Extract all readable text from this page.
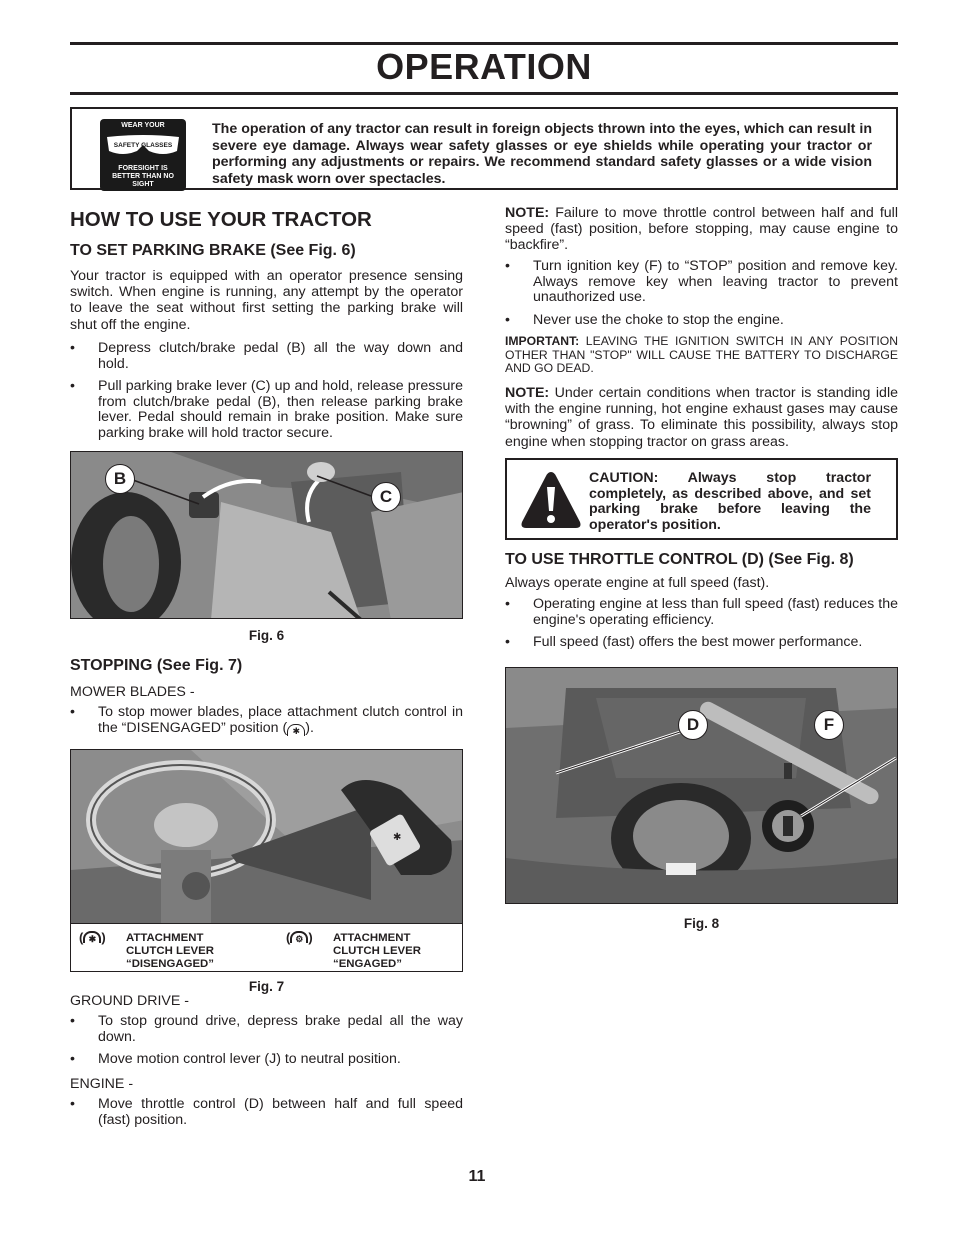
OPERATION
WEAR YOUR
SAFETY GLASSES
FORESIGHT IS BETTER THAN NO SIGHT
The operation of any tractor can result in foreign objects thrown into the eyes, which can result in severe eye damage. Always wear safety glasses or eye shields while operating your tractor or performing any adjustments or repairs. We recommend standard safety glasses or a wide vision safety mask worn over spectacles.
HOW TO USE YOUR TRACTOR
TO SET PARKING BRAKE (See Fig. 6)
Your tractor is equipped with an operator presence sensing switch. When engine is running, any attempt by the operator to leave the seat without first setting the parking brake will shut off the engine.
• Depress clutch/brake pedal (B) all the way down and hold.
• Pull parking brake lever (C) up and hold, release pressure from clutch/brake pedal (B), then release parking brake lever. Pedal should remain in brake position. Make sure parking brake will hold tractor secure.
B
C
Fig. 6
STOPPING (See Fig. 7)
MOWER BLADES -
• To stop mower blades, place attachment clutch control in the “DISENGAGED” position ( ✱ ).
✱
( ✱ ) ATTACHMENT CLUTCH LEVER “DISENGAGED”
( ⚙ ) ATTACHMENT CLUTCH LEVER “ENGAGED”
Fig. 7
GROUND DRIVE -
• To stop ground drive, depress brake pedal all the way down.
• Move motion control lever (J) to neutral position.
ENGINE -
• Move throttle control (D) between half and full speed (fast) position.
NOTE: Failure to move throttle control between half and full speed (fast) position, before stopping, may cause engine to “backfire”.
• Turn ignition key (F) to “STOP” position and remove key. Always remove key when leaving tractor to prevent unauthorized use.
• Never use the choke to stop the engine.
IMPORTANT: LEAVING THE IGNITION SWITCH IN ANY POSITION OTHER THAN "STOP" WILL CAUSE THE BATTERY TO DISCHARGE AND GO DEAD.
NOTE: Under certain conditions when tractor is standing idle with the engine running, hot engine exhaust gases may cause “browning” of grass. To eliminate this possibility, always stop engine when stopping tractor on grass areas.
CAUTION: Always stop tractor completely, as described above, and set parking brake before leaving the operator's position.
TO USE THROTTLE CONTROL (D) (See Fig. 8)
Always operate engine at full speed (fast).
• Operating engine at less than full speed (fast) reduces the engine's operating efficiency.
• Full speed (fast) offers the best mower performance.
D	F
Fig. 8
11
